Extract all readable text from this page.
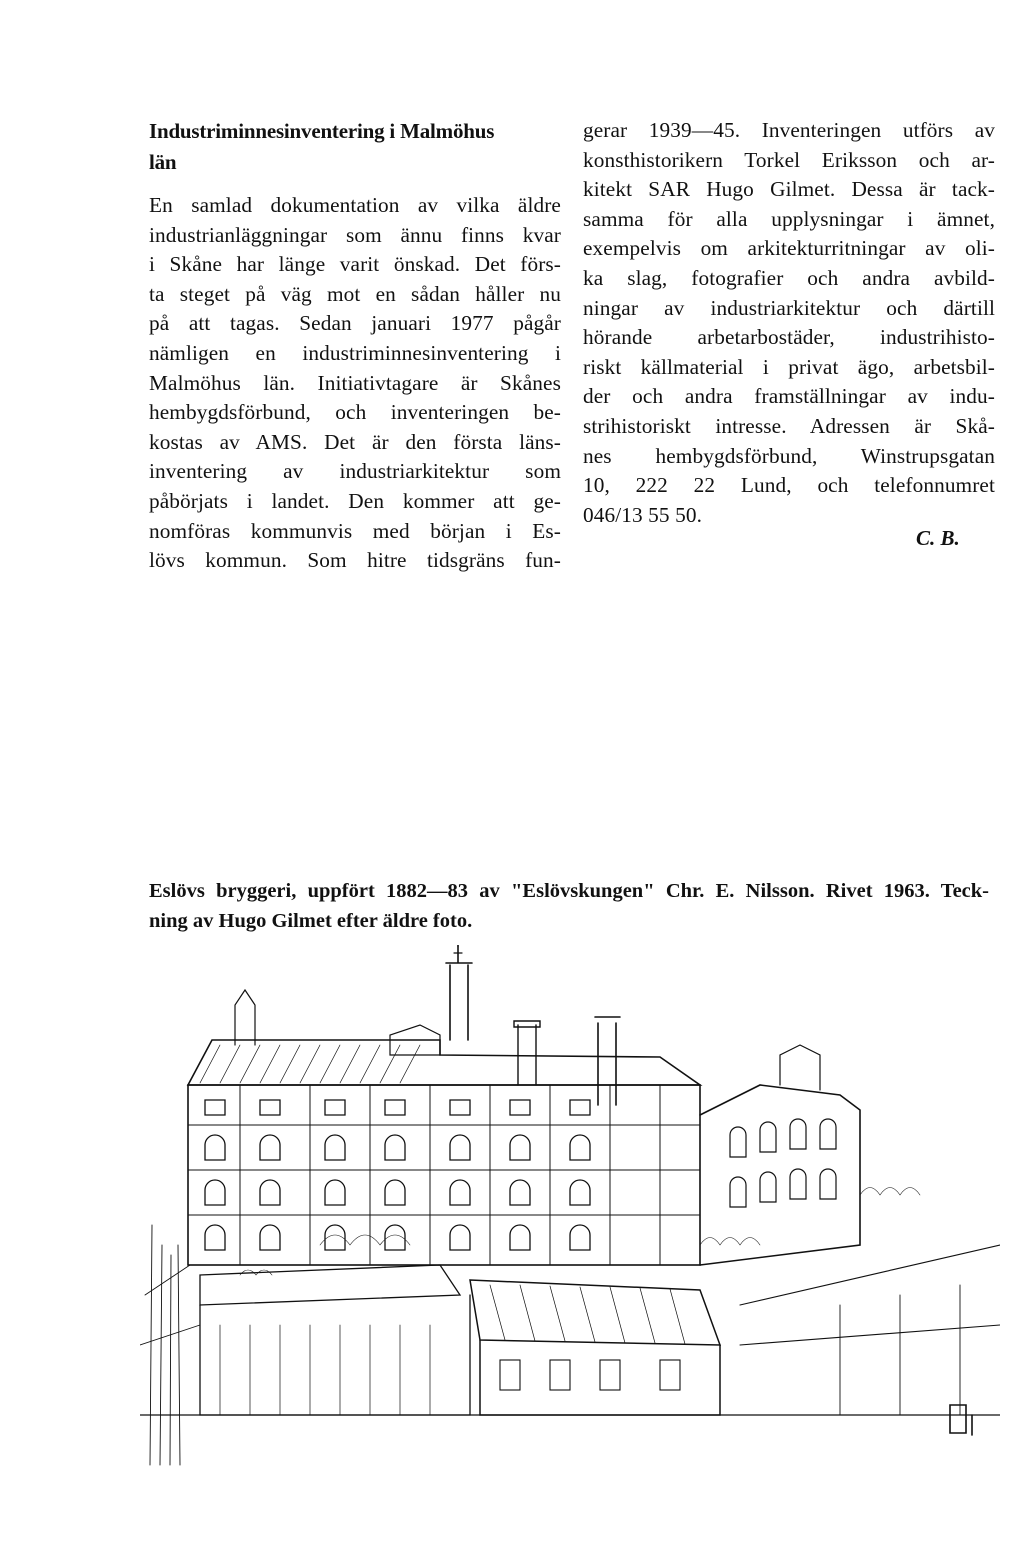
Industriminnesinventering i Malmöhus
län
En samlad dokumentation av vilka äldre
industrianläggningar som ännu finns kvar
i Skåne har länge varit önskad. Det förs-
ta steget på väg mot en sådan håller nu
på att tagas. Sedan januari 1977 pågår
nämligen en industriminnesinventering i
Malmöhus län. Initiativtagare är Skånes
hembygdsförbund, och inventeringen be-
kostas av AMS. Det är den första läns-
inventering av industriarkitektur som
påbörjats i landet. Den kommer att ge-
nomföras kommunvis med början i Es-
lövs kommun. Som hitre tidsgräns fun-
gerar 1939—45. Inventeringen utförs av
konsthistorikern Torkel Eriksson och ar-
kitekt SAR Hugo Gilmet. Dessa är tack-
samma för alla upplysningar i ämnet,
exempelvis om arkitekturritningar av oli-
ka slag, fotografier och andra avbild-
ningar av industriarkitektur och därtill
hörande arbetarbostäder, industrihisto-
riskt källmaterial i privat ägo, arbetsbil-
der och andra framställningar av indu-
strihistoriskt intresse. Adressen är Skå-
nes hembygdsförbund, Winstrupsgatan
10, 222 22 Lund, och telefonnumret
046/13 55 50.
C. B.
Eslövs bryggeri, uppfört 1882—83 av "Eslövskungen" Chr. E. Nilsson. Rivet 1963. Teck-
ning av Hugo Gilmet efter äldre foto.
